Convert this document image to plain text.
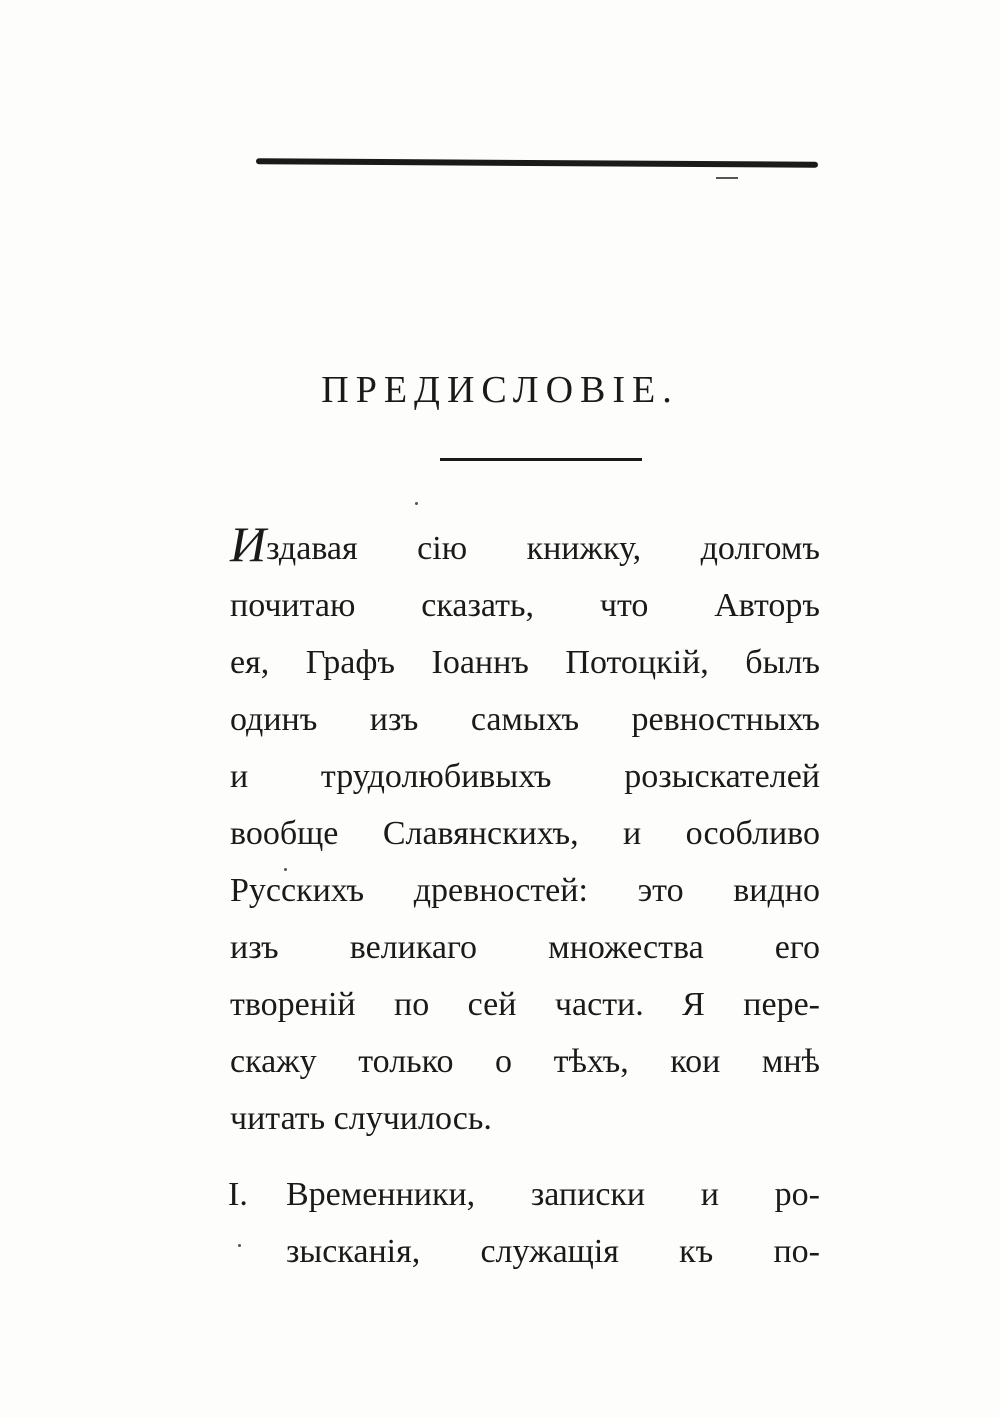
ПРЕДИСЛОВIЕ.
Издавая сiю книжку, долгомъ
почитаю сказать, что Авторъ
ея, Графъ Iоаннъ Потоцкiй, былъ
одинъ изъ самыхъ ревностныхъ
и трудолюбивыхъ розыскателей
вообще Славянскихъ, и особливо
Русскихъ древностей: это видно
изъ великаго множества его
творенiй по сей части. Я пере-
скажу только о тѣхъ, кои мнѣ
читать случилось.
I. Временники, записки и ро-
зысканiя, служащiя къ по-
